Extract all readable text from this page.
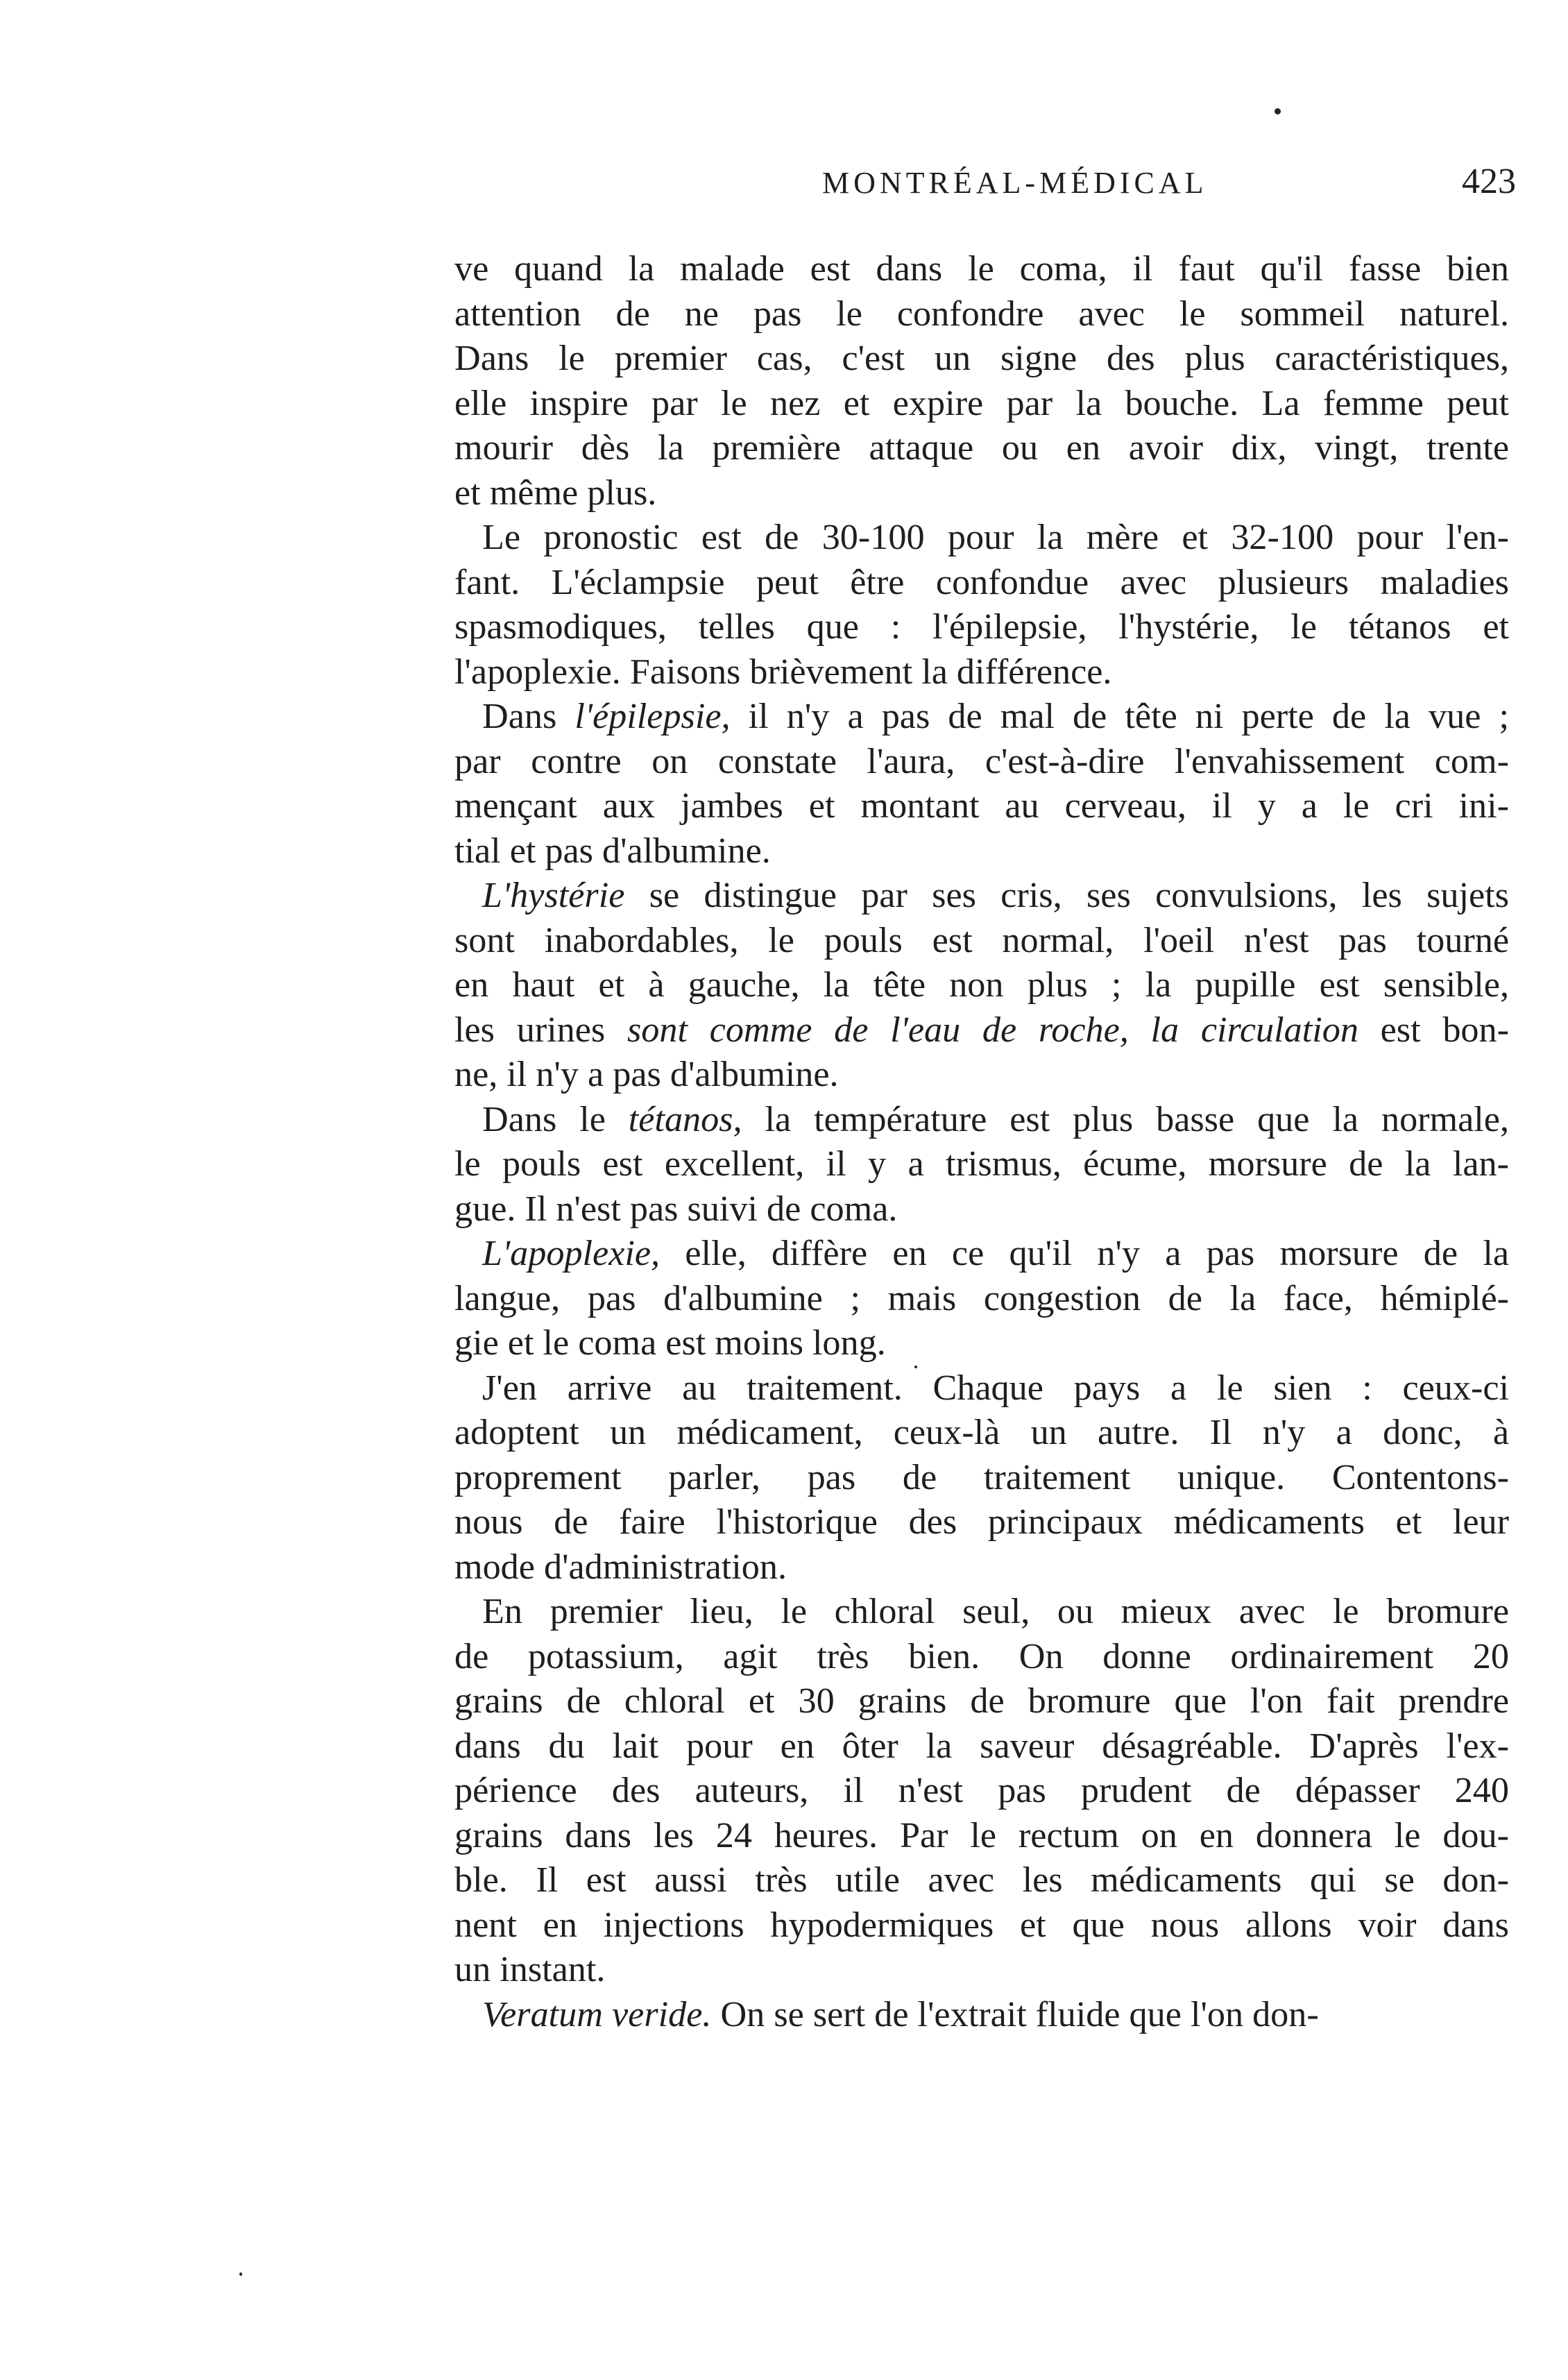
MONTRÉAL-MÉDICAL	423

ve quand la malade est dans le coma, il faut qu'il fasse bien
attention de ne pas le confondre avec le sommeil naturel.
Dans le premier cas, c'est un signe des plus caractéristiques,
elle inspire par le nez et expire par la bouche. La femme peut
mourir dès la première attaque ou en avoir dix, vingt, trente
et même plus.

Le pronostic est de 30-100 pour la mère et 32-100 pour l'en-
fant. L'éclampsie peut être confondue avec plusieurs maladies
spasmodiques, telles que : l'épilepsie, l'hystérie, le tétanos et
l'apoplexie. Faisons brièvement la différence.

Dans l'épilepsie, il n'y a pas de mal de tête ni perte de la vue ;
par contre on constate l'aura, c'est-à-dire l'envahissement com-
mençant aux jambes et montant au cerveau, il y a le cri ini-
tial et pas d'albumine.

L'hystérie se distingue par ses cris, ses convulsions, les sujets
sont inabordables, le pouls est normal, l'oeil n'est pas tourné
en haut et à gauche, la tête non plus ; la pupille est sensible,
les urines sont comme de l'eau de roche, la circulation est bon-
ne, il n'y a pas d'albumine.

Dans le tétanos, la température est plus basse que la normale,
le pouls est excellent, il y a trismus, écume, morsure de la lan-
gue. Il n'est pas suivi de coma.

L'apoplexie, elle, diffère en ce qu'il n'y a pas morsure de la
langue, pas d'albumine ; mais congestion de la face, hémiplé-
gie et le coma est moins long.

J'en arrive au traitement. Chaque pays a le sien : ceux-ci
adoptent un médicament, ceux-là un autre. Il n'y a donc, à
proprement parler, pas de traitement unique. Contentons-
nous de faire l'historique des principaux médicaments et leur
mode d'administration.

En premier lieu, le chloral seul, ou mieux avec le bromure
de potassium, agit très bien. On donne ordinairement 20
grains de chloral et 30 grains de bromure que l'on fait prendre
dans du lait pour en ôter la saveur désagréable. D'après l'ex-
périence des auteurs, il n'est pas prudent de dépasser 240
grains dans les 24 heures. Par le rectum on en donnera le dou-
ble. Il est aussi très utile avec les médicaments qui se don-
nent en injections hypodermiques et que nous allons voir dans
un instant.

Veratum veride. On se sert de l'extrait fluide que l'on don-
